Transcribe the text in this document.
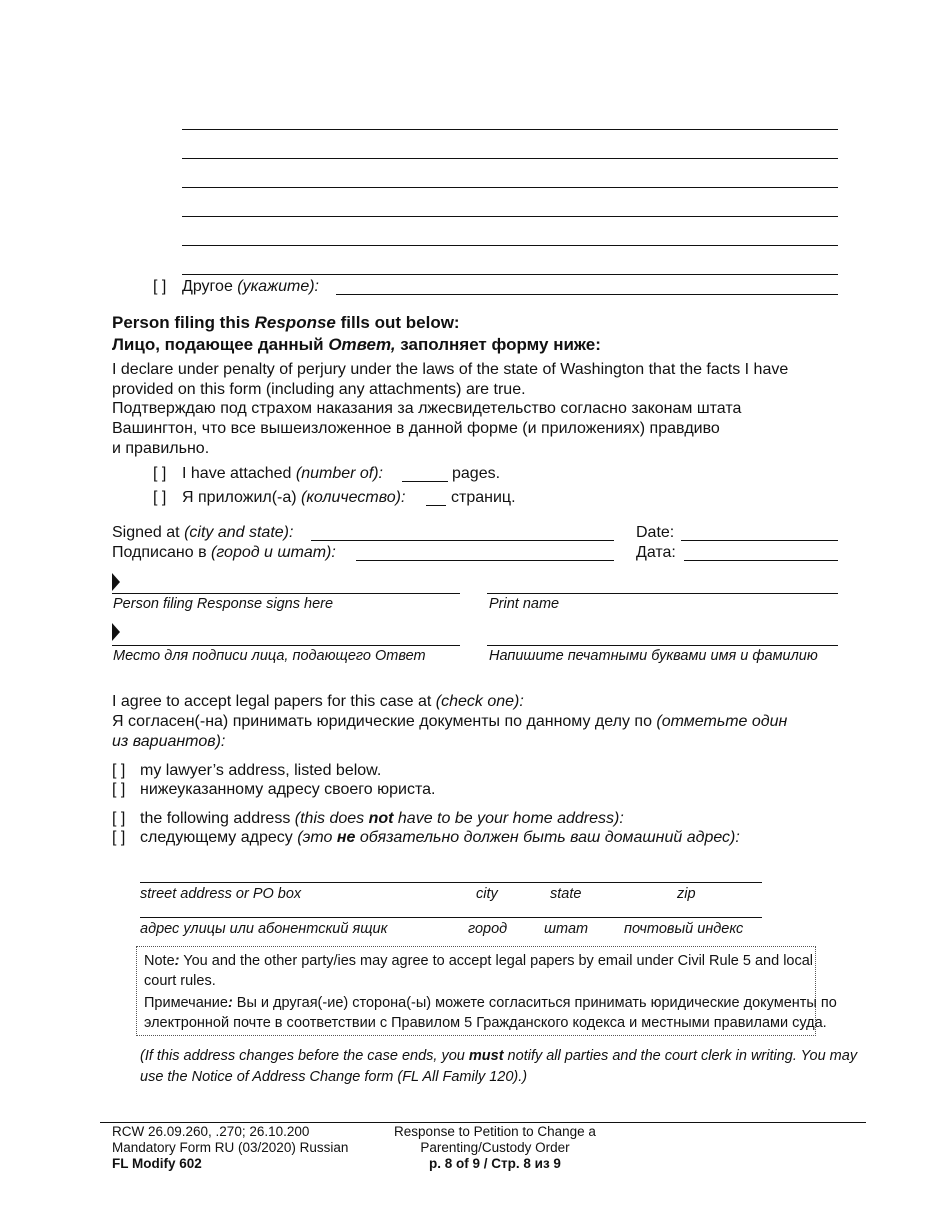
[ ] Другое (укажите):
Person filing this Response fills out below:
Лицо, подающее данный Ответ, заполняет форму ниже:
I declare under penalty of perjury under the laws of the state of Washington that the facts I have
provided on this form (including any attachments) are true.
Подтверждаю под страхом наказания за лжесвидетельство согласно законам штата
Вашингтон, что все вышеизложенное в данной форме (и приложениях) правдиво
и правильно.
[ ] I have attached (number of):	pages.
[ ] Я приложил(-а) (количество):	страниц.
Signed at (city and state):	Date:
Подписано в (город и штат):	Дата:
Person filing Response signs here	Print name
Место для подписи лица, подающего Ответ	Напишите печатными буквами имя и фамилию
I agree to accept legal papers for this case at (check one):
Я согласен(-на) принимать юридические документы по данному делу по (отметьте один
из вариантов):
[ ] my lawyer’s address, listed below.
[ ] нижеуказанному адресу своего юриста.
[ ] the following address (this does not have to be your home address):
[ ] следующему адресу (это не обязательно должен быть ваш домашний адрес):
street address or PO box	city	state	zip
адрес улицы или абонентский ящик	город	штат почтовый индекс
Note: You and the other party/ies may agree to accept legal papers by email under Civil Rule 5 and local
court rules.
Примечание: Вы и другая(-ие) сторона(-ы) можете согласиться принимать юридические документы по
электронной почте в соответствии с Правилом 5 Гражданского кодекса и местными правилами суда.
(If this address changes before the case ends, you must notify all parties and the court clerk in writing. You may
use the Notice of Address Change form (FL All Family 120).)
RCW 26.09.260, .270; 26.10.200
Mandatory Form RU (03/2020) Russian
FL Modify 602
Response to Petition to Change a
Parenting/Custody Order
p. 8 of 9 / Стр. 8 из 9
